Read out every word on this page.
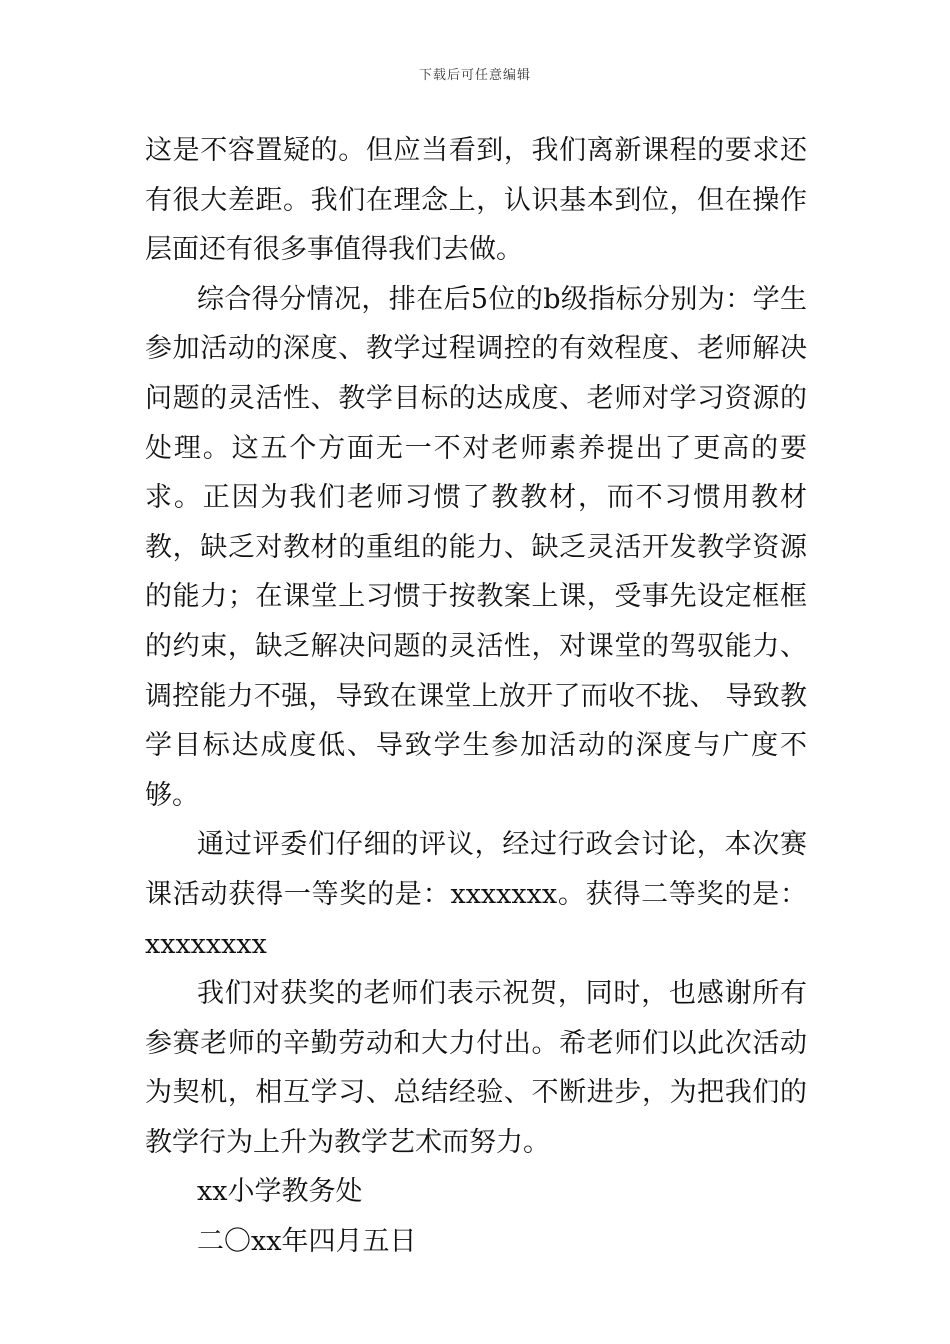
下载后可任意编辑

这是不容置疑的。但应当看到，我们离新课程的要求还有很大差距。我们在理念上，认识基本到位，但在操作层面还有很多事值得我们去做。

综合得分情况，排在后5位的b级指标分别为：学生参加活动的深度、教学过程调控的有效程度、老师解决问题的灵活性、教学目标的达成度、老师对学习资源的处理。这五个方面无一不对老师素养提出了更高的要求。正因为我们老师习惯了教教材，而不习惯用教材教，缺乏对教材的重组的能力、缺乏灵活开发教学资源的能力；在课堂上习惯于按教案上课，受事先设定框框的约束，缺乏解决问题的灵活性，对课堂的驾驭能力、调控能力不强，导致在课堂上放开了而收不拢、 导致教学目标达成度低、导致学生参加活动的深度与广度不够。

通过评委们仔细的评议，经过行政会讨论，本次赛课活动获得一等奖的是：xxxxxxx。获得二等奖的是：

xxxxxxxx

我们对获奖的老师们表示祝贺，同时，也感谢所有参赛老师的辛勤劳动和大力付出。希老师们以此次活动为契机，相互学习、总结经验、不断进步，为把我们的教学行为上升为教学艺术而努力。

xx小学教务处

二〇xx年四月五日
